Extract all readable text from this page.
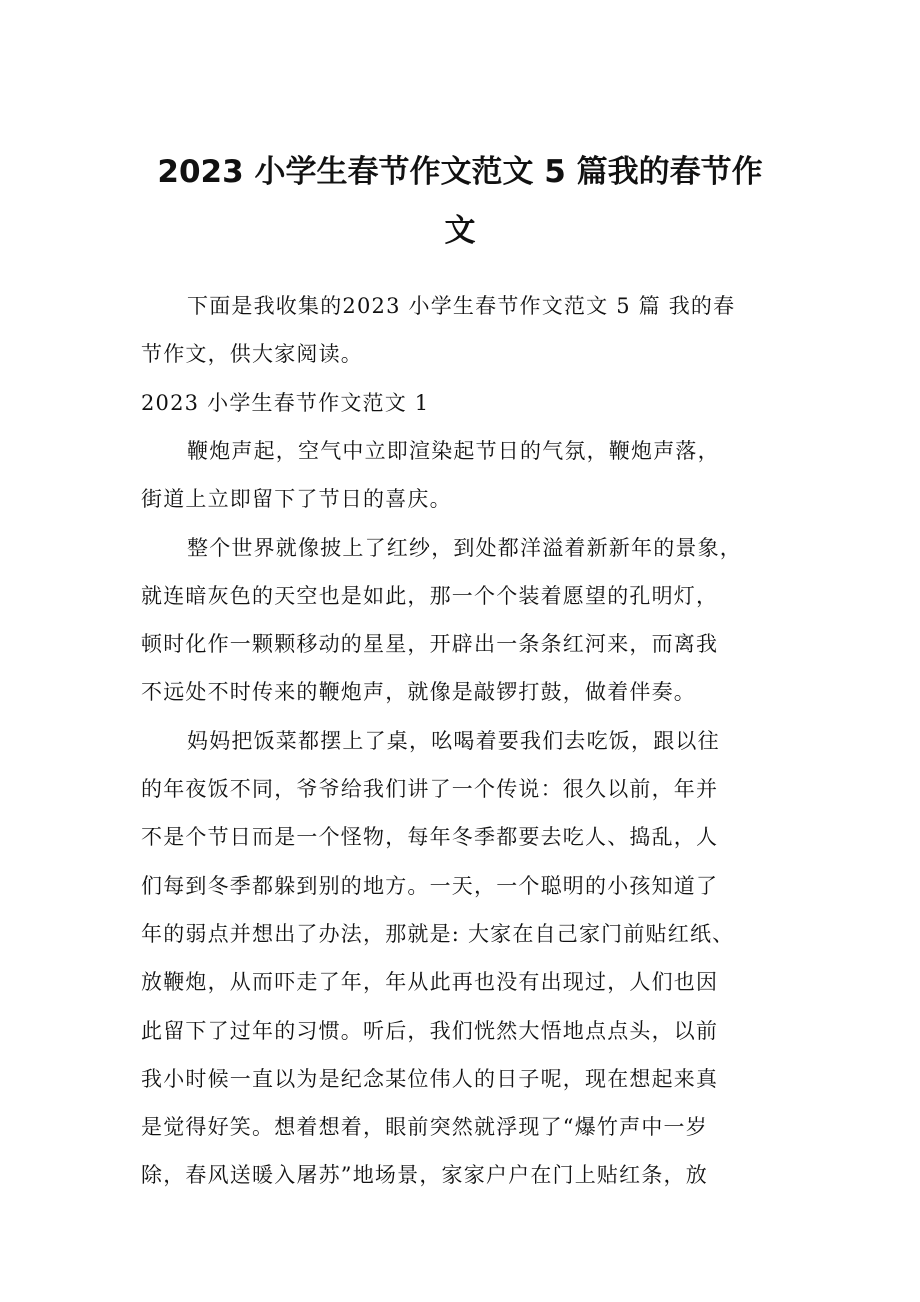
2023 小学生春节作文范文 5 篇我的春节作
文
下面是我收集的2023 小学生春节作文范文 5 篇 我的春
节作文，供大家阅读。
2023 小学生春节作文范文 1
鞭炮声起，空气中立即渲染起节日的气氛，鞭炮声落，
街道上立即留下了节日的喜庆。
整个世界就像披上了红纱，到处都洋溢着新新年的景象，
就连暗灰色的天空也是如此，那一个个装着愿望的孔明灯，
顿时化作一颗颗移动的星星，开辟出一条条红河来，而离我
不远处不时传来的鞭炮声，就像是敲锣打鼓，做着伴奏。
妈妈把饭菜都摆上了桌，吆喝着要我们去吃饭，跟以往
的年夜饭不同，爷爷给我们讲了一个传说：很久以前，年并
不是个节日而是一个怪物，每年冬季都要去吃人、捣乱，人
们每到冬季都躲到别的地方。一天，一个聪明的小孩知道了
年的弱点并想出了办法，那就是: 大家在自己家门前贴红纸、
放鞭炮，从而吓走了年，年从此再也没有出现过，人们也因
此留下了过年的习惯。听后，我们恍然大悟地点点头，以前
我小时候一直以为是纪念某位伟人的日子呢，现在想起来真
是觉得好笑。想着想着，眼前突然就浮现了“爆竹声中一岁
除，春风送暖入屠苏”地场景，家家户户在门上贴红条，放
